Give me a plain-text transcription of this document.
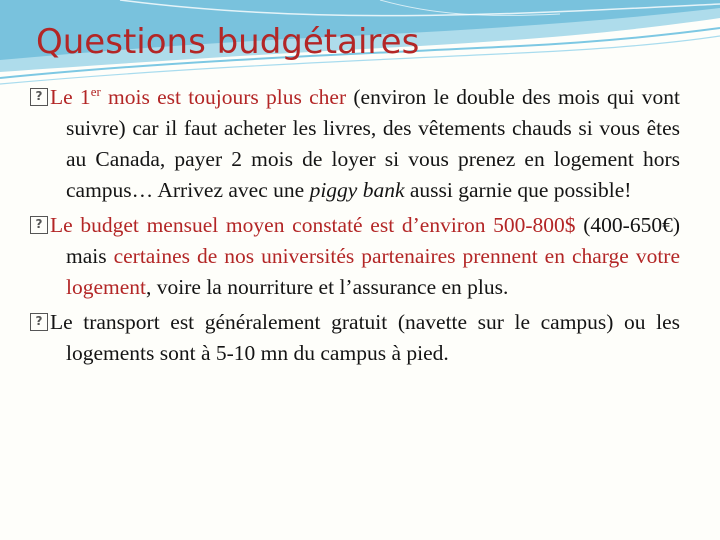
Questions budgétaires

? Le 1er mois est toujours plus cher (environ le double des mois qui vont suivre) car il faut acheter les livres, des vêtements chauds si vous êtes au Canada, payer 2 mois de loyer si vous prenez en logement hors campus… Arrivez avec une piggy bank aussi garnie que possible!

? Le budget mensuel moyen constaté est d’environ 500-800$ (400-650€) mais certaines de nos universités partenaires prennent en charge votre logement, voire la nourriture et l’assurance en plus.

? Le transport est généralement gratuit (navette sur le campus) ou les logements sont à 5-10 mn du campus à pied.
